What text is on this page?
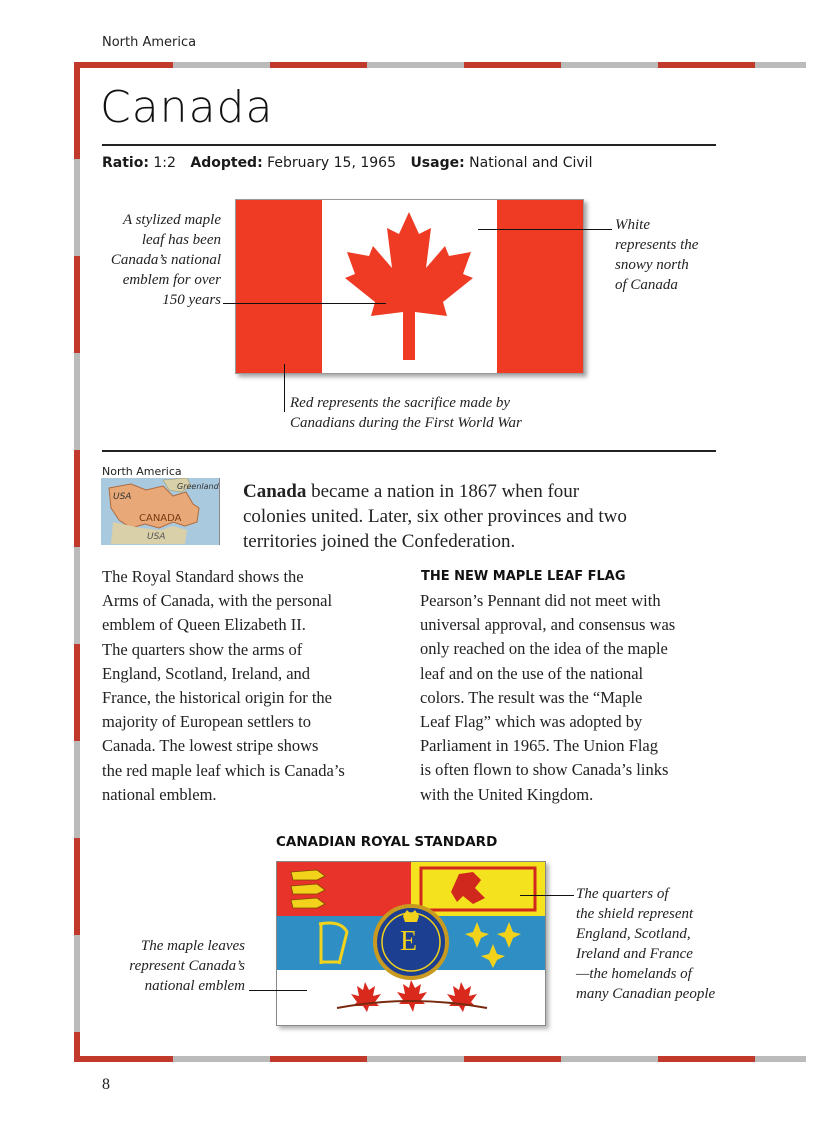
North America
Canada
Ratio: 1:2 Adopted: February 15, 1965 Usage: National and Civil
A stylized maple
leaf has been
Canada’s national
emblem for over
150 years
White
represents the
snowy north
of Canada
Red represents the sacrifice made by
Canadians during the First World War
North America
Greenland
USA
CANADA
USA
Canada became a nation in 1867 when four
colonies united. Later, six other provinces and two
territories joined the Confederation.
The Royal Standard shows the
Arms of Canada, with the personal
emblem of Queen Elizabeth II.
The quarters show the arms of
England, Scotland, Ireland, and
France, the historical origin for the
majority of European settlers to
Canada. The lowest stripe shows
the red maple leaf which is Canada’s
national emblem.
THE NEW MAPLE LEAF FLAG
Pearson’s Pennant did not meet with
universal approval, and consensus was
only reached on the idea of the maple
leaf and on the use of the national
colors. The result was the “Maple
Leaf Flag” which was adopted by
Parliament in 1965. The Union Flag
is often flown to show Canada’s links
with the United Kingdom.
CANADIAN ROYAL STANDARD
E
The maple leaves
represent Canada’s
national emblem
The quarters of
the shield represent
England, Scotland,
Ireland and France
—the homelands of
many Canadian people
8
